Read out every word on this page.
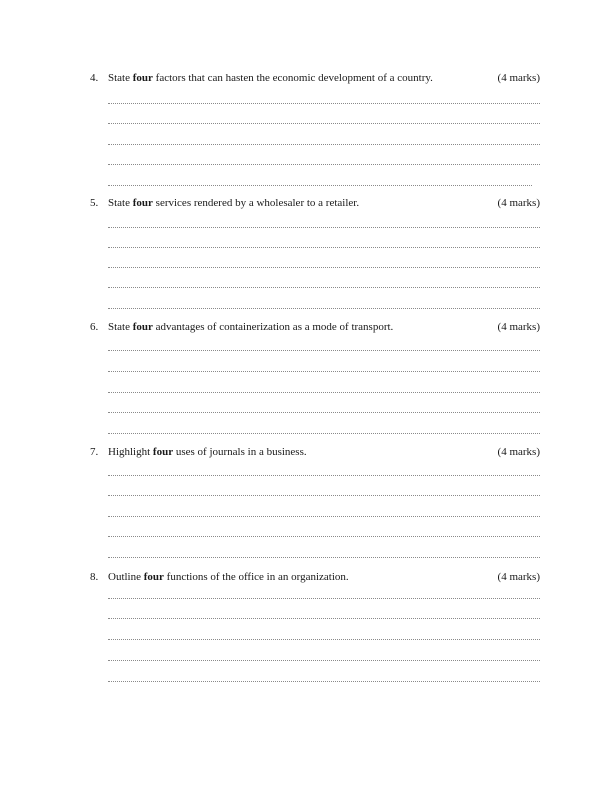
4. State four factors that can hasten the economic development of a country.	(4 marks)
5. State four services rendered by a wholesaler to a retailer.	(4 marks)
6. State four advantages of containerization as a mode of transport.	(4 marks)
7. Highlight four uses of journals in a business.	(4 marks)
8. Outline four functions of the office in an organization.	(4 marks)
